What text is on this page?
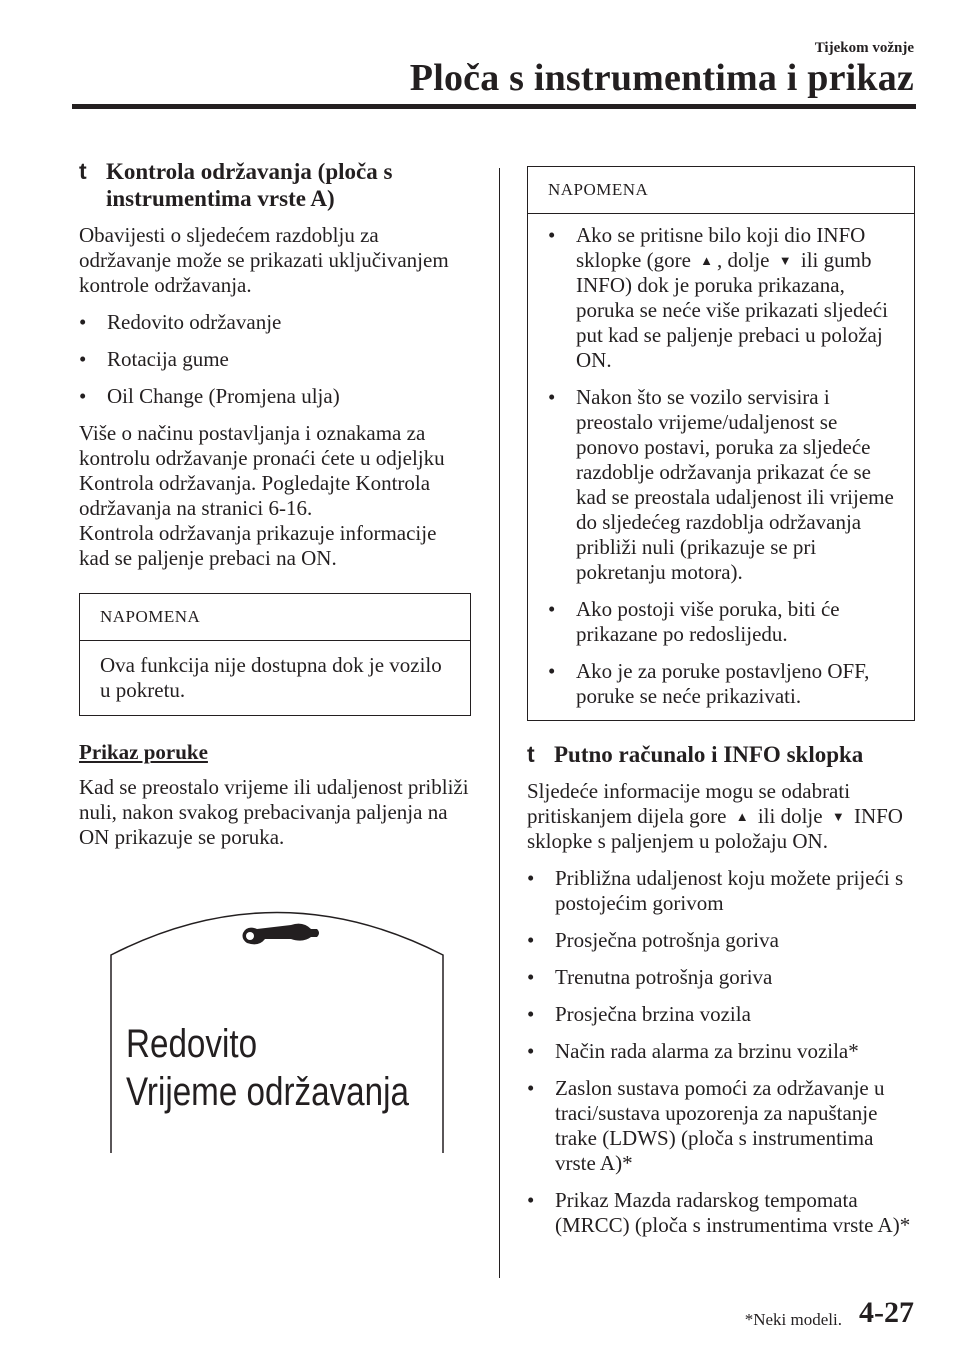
Tijekom vožnje
Ploča s instrumentima i prikaz
t Kontrola održavanja (ploča s instrumentima vrste A)

Obavijesti o sljedećem razdoblju za održavanje može se prikazati uključivanjem kontrole održavanja.

• Redovito održavanje
• Rotacija gume
• Oil Change (Promjena ulja)

Više o načinu postavljanja i oznakama za kontrolu održavanje pronaći ćete u odjeljku Kontrola održavanja. Pogledajte Kontrola održavanja na stranici 6-16.

Kontrola održavanja prikazuje informacije kad se paljenje prebaci na ON.

NAPOMENA
Ova funkcija nije dostupna dok je vozilo u pokretu.
Prikaz poruke

Kad se preostalo vrijeme ili udaljenost približi nuli, nakon svakog prebacivanja paljenja na ON prikazuje se poruka.

Redovito
Vrijeme održavanja
NAPOMENA
• Ako se pritisne bilo koji dio INFO sklopke (gore ▲ , dolje ▼ ili gumb INFO) dok je poruka prikazana, poruka se neće više prikazati sljedeći put kad se paljenje prebaci u položaj ON.
• Nakon što se vozilo servisira i preostalo vrijeme/udaljenost se ponovo postavi, poruka za sljedeće razdoblje održavanja prikazat će se kad se preostala udaljenost ili vrijeme do sljedećeg razdoblja održavanja približi nuli (prikazuje se pri pokretanju motora).
• Ako postoji više poruka, biti će prikazane po redoslijedu.
• Ako je za poruke postavljeno OFF, poruke se neće prikazivati.
t Putno računalo i INFO sklopka

Sljedeće informacije mogu se odabrati pritiskanjem dijela gore ▲ ili dolje ▼ INFO sklopke s paljenjem u položaju ON.

• Približna udaljenost koju možete prijeći s postojećim gorivom
• Prosječna potrošnja goriva
• Trenutna potrošnja goriva
• Prosječna brzina vozila
• Način rada alarma za brzinu vozila*
• Zaslon sustava pomoći za održavanje u traci/sustava upozorenja za napuštanje trake (LDWS) (ploča s instrumentima vrste A)*
• Prikaz Mazda radarskog tempomata (MRCC) (ploča s instrumentima vrste A)*
*Neki modeli. 4-27
